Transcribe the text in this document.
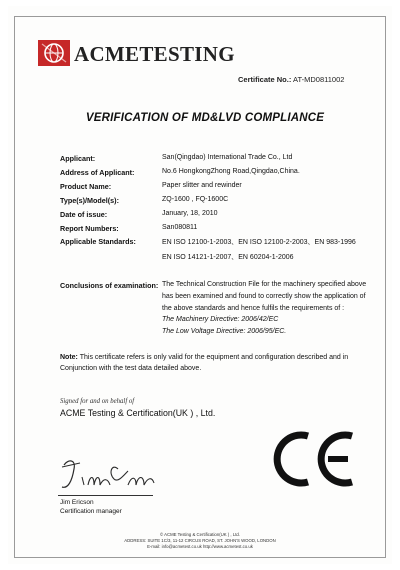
ACMETESTING
Certificate No.: AT-MD0811002
VERIFICATION OF MD&LVD COMPLIANCE
Applicant:	San(Qingdao) International Trade Co., Ltd
Address of Applicant:	No.6 HongkongZhong Road,Qingdao,China.
Product Name:	Paper slitter and rewinder
Type(s)/Model(s):	ZQ-1600 , FQ-1600C
Date of issue:	January, 18, 2010
Report Numbers:	San080811
Applicable Standards:	EN ISO 12100-1-2003、EN ISO 12100-2-2003、EN 983-1996
EN ISO 14121-1-2007、EN 60204-1-2006
Conclusions of examination: The Technical Construction File for the machinery specified above
has been examined and found to correctly show the application of
the above standards and hence fulfils the requirements of :
The Machinery Directive: 2006/42/EC
The Low Voltage Directive: 2006/95/EC.
Note: This certificate refers is only valid for the equipment and configuration described and in
Conjunction with the test data detailed above.
Signed for and on behalf of
ACME Testing & Certification(UK ) , Ltd.
Jim Ericson
Certification manager
© ACME Testing & Certification(UK ) , Ltd.
ADDRESS: SUITE 1C/3, 11-12 CIRCUS ROAD, ST. JOHN'S WOOD, LONDON
E-mail: info@acmetest.co.uk http://www.acmetest.co.uk
